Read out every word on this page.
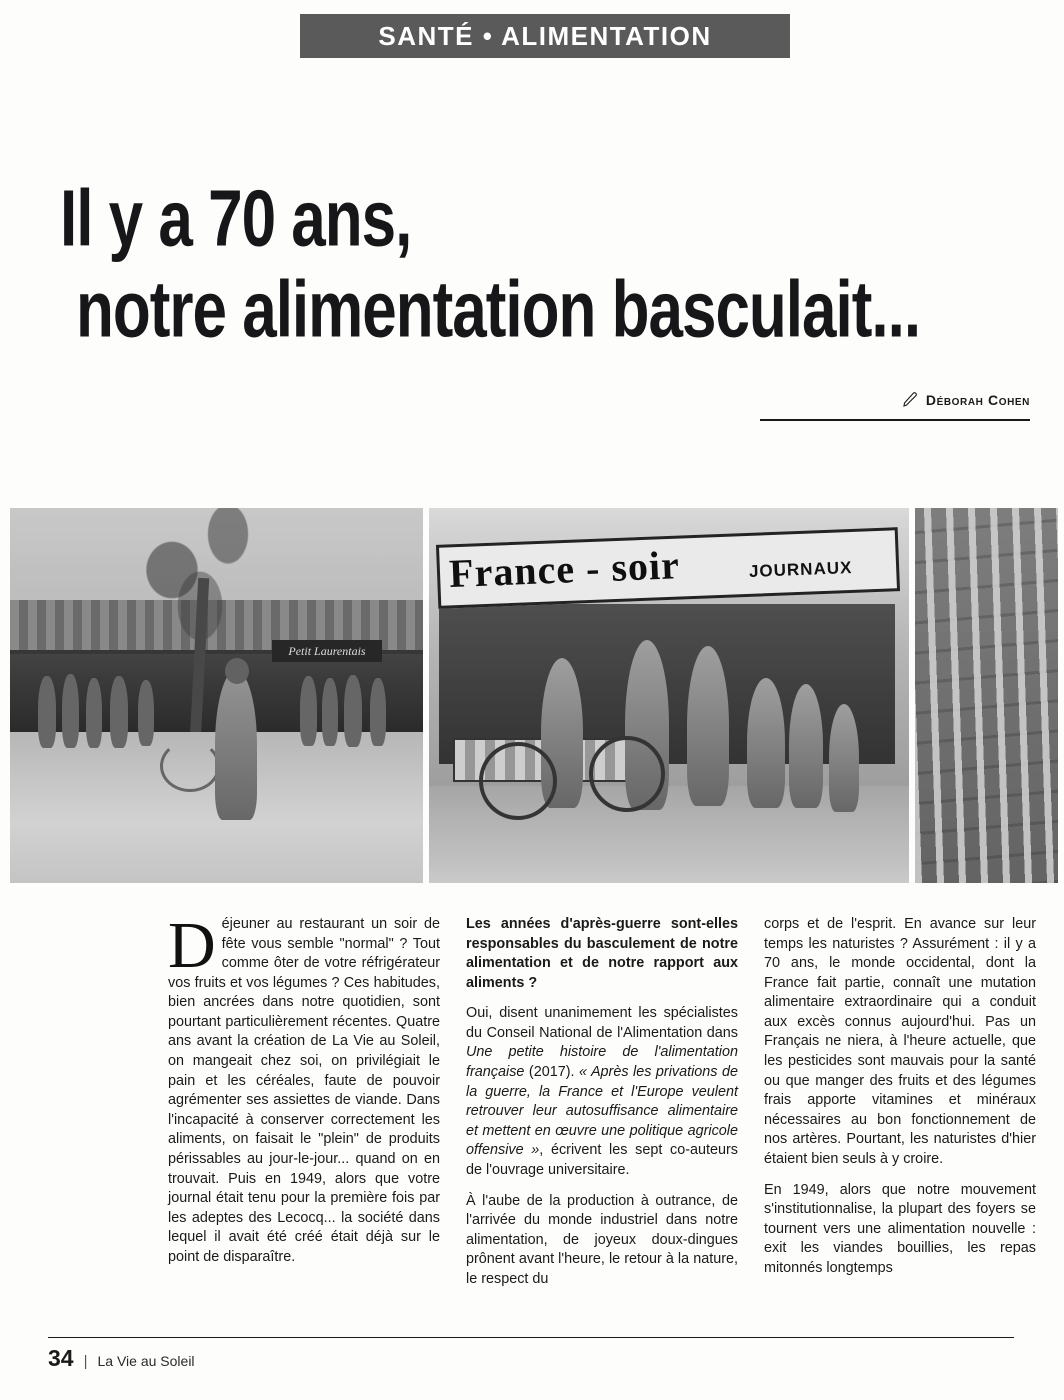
SANTÉ • ALIMENTATION
Il y a 70 ans,
notre alimentation basculait...
Déborah Cohen
Petit Laurentais
France - soir	JOURNAUX

Déjeuner au restaurant un soir de fête vous semble "normal" ? Tout comme ôter de votre réfrigérateur vos fruits et vos légumes ? Ces habitudes, bien ancrées dans notre quotidien, sont pourtant particulièrement récentes. Quatre ans avant la création de La Vie au Soleil, on mangeait chez soi, on privilégiait le pain et les céréales, faute de pouvoir agrémenter ses assiettes de viande. Dans l'incapacité à conserver correctement les aliments, on faisait le "plein" de produits périssables au jour-le-jour... quand on en trouvait. Puis en 1949, alors que votre journal était tenu pour la première fois par les adeptes des Lecocq... la société dans lequel il avait été créé était déjà sur le point de disparaître.

Les années d'après-guerre sont-elles responsables du basculement de notre alimentation et de notre rapport aux aliments ?

Oui, disent unanimement les spécialistes du Conseil National de l'Alimentation dans Une petite histoire de l'alimentation française (2017). « Après les privations de la guerre, la France et l'Europe veulent retrouver leur autosuffisance alimentaire et mettent en œuvre une politique agricole offensive », écrivent les sept co-auteurs de l'ouvrage universitaire.

À l'aube de la production à outrance, de l'arrivée du monde industriel dans notre alimentation, de joyeux doux-dingues prônent avant l'heure, le retour à la nature, le respect du

corps et de l'esprit. En avance sur leur temps les naturistes ? Assurément : il y a 70 ans, le monde occidental, dont la France fait partie, connaît une mutation alimentaire extraordinaire qui a conduit aux excès connus aujourd'hui. Pas un Français ne niera, à l'heure actuelle, que les pesticides sont mauvais pour la santé ou que manger des fruits et des légumes frais apporte vitamines et minéraux nécessaires au bon fonctionnement de nos artères. Pourtant, les naturistes d'hier étaient bien seuls à y croire.

En 1949, alors que notre mouvement s'institutionnalise, la plupart des foyers se tournent vers une alimentation nouvelle : exit les viandes bouillies, les repas mitonnés longtemps

34 | La Vie au Soleil
